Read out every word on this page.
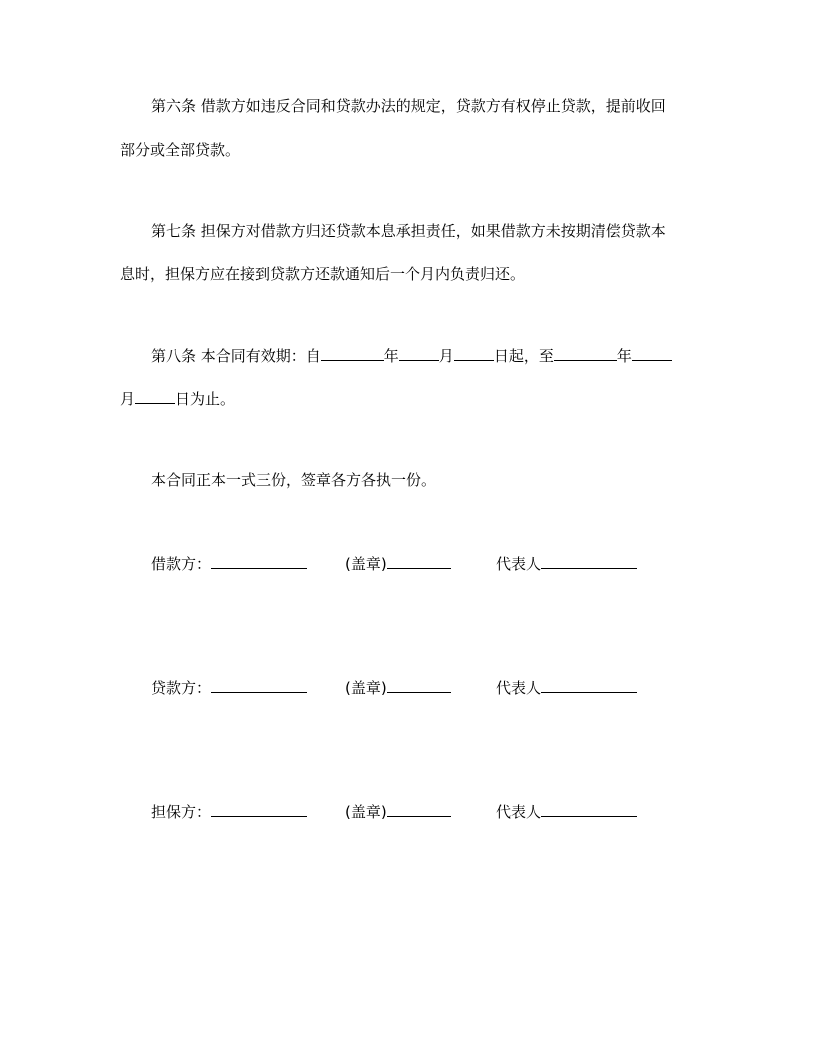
第六条 借款方如违反合同和贷款办法的规定，贷款方有权停止贷款，提前收回
部分或全部贷款。
第七条 担保方对借款方归还贷款本息承担责任，如果借款方未按期清偿贷款本
息时，担保方应在接到贷款方还款通知后一个月内负责归还。
第八条 本合同有效期：自	年	月	日起，至	年
月	日为止。
本合同正本一式三份，签章各方各执一份。
借款方：	(盖章)	代表人
贷款方：	(盖章)	代表人
担保方：	(盖章)	代表人
